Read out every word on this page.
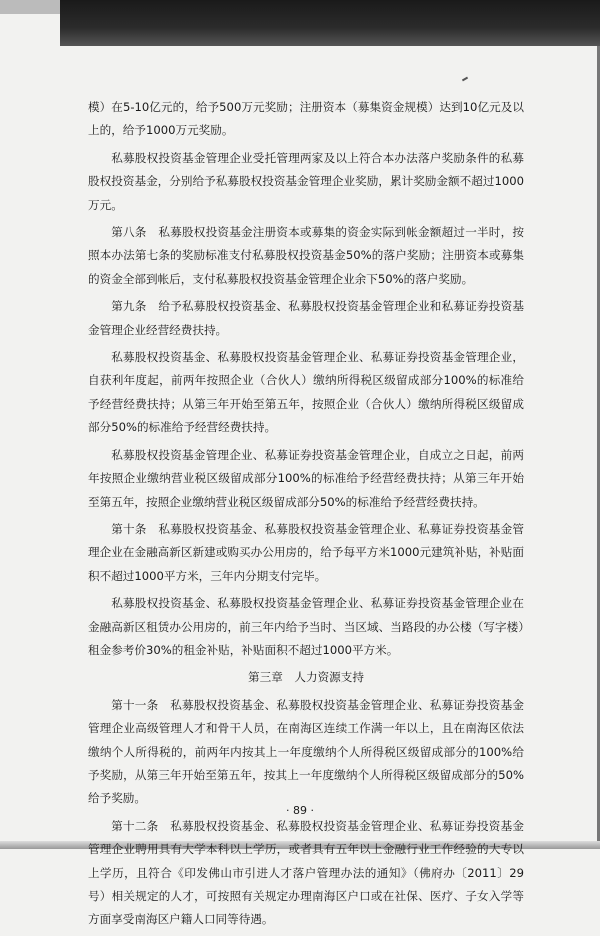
模）在5-10亿元的，给予500万元奖励；注册资本（募集资金规模）达到10亿元及以上的，给予1000万元奖励。

私募股权投资基金管理企业受托管理两家及以上符合本办法落户奖励条件的私募股权投资基金，分别给予私募股权投资基金管理企业奖励，累计奖励金额不超过1000万元。

第八条　私募股权投资基金注册资本或募集的资金实际到帐金额超过一半时，按照本办法第七条的奖励标准支付私募股权投资基金50%的落户奖励；注册资本或募集的资金全部到帐后，支付私募股权投资基金管理企业余下50%的落户奖励。

第九条　给予私募股权投资基金、私募股权投资基金管理企业和私募证券投资基金管理企业经营经费扶持。

私募股权投资基金、私募股权投资基金管理企业、私募证券投资基金管理企业，自获利年度起，前两年按照企业（合伙人）缴纳所得税区级留成部分100%的标准给予经营经费扶持；从第三年开始至第五年，按照企业（合伙人）缴纳所得税区级留成部分50%的标准给予经营经费扶持。

私募股权投资基金管理企业、私募证券投资基金管理企业，自成立之日起，前两年按照企业缴纳营业税区级留成部分100%的标准给予经营经费扶持；从第三年开始至第五年，按照企业缴纳营业税区级留成部分50%的标准给予经营经费扶持。

第十条　私募股权投资基金、私募股权投资基金管理企业、私募证券投资基金管理企业在金融高新区新建或购买办公用房的，给予每平方米1000元建筑补贴，补贴面积不超过1000平方米，三年内分期支付完毕。

私募股权投资基金、私募股权投资基金管理企业、私募证券投资基金管理企业在金融高新区租赁办公用房的，前三年内给予当时、当区域、当路段的办公楼（写字楼）租金参考价30%的租金补贴，补贴面积不超过1000平方米。

第三章　人力资源支持

第十一条　私募股权投资基金、私募股权投资基金管理企业、私募证券投资基金管理企业高级管理人才和骨干人员，在南海区连续工作满一年以上，且在南海区依法缴纳个人所得税的，前两年内按其上一年度缴纳个人所得税区级留成部分的100%给予奖励，从第三年开始至第五年，按其上一年度缴纳个人所得税区级留成部分的50%给予奖励。

第十二条　私募股权投资基金、私募股权投资基金管理企业、私募证券投资基金管理企业聘用具有大学本科以上学历，或者具有五年以上金融行业工作经验的大专以上学历，且符合《印发佛山市引进人才落户管理办法的通知》（佛府办〔2011〕29号）相关规定的人才，可按照有关规定办理南海区户口或在社保、医疗、子女入学等方面享受南海区户籍人口同等待遇。

· 89 ·
